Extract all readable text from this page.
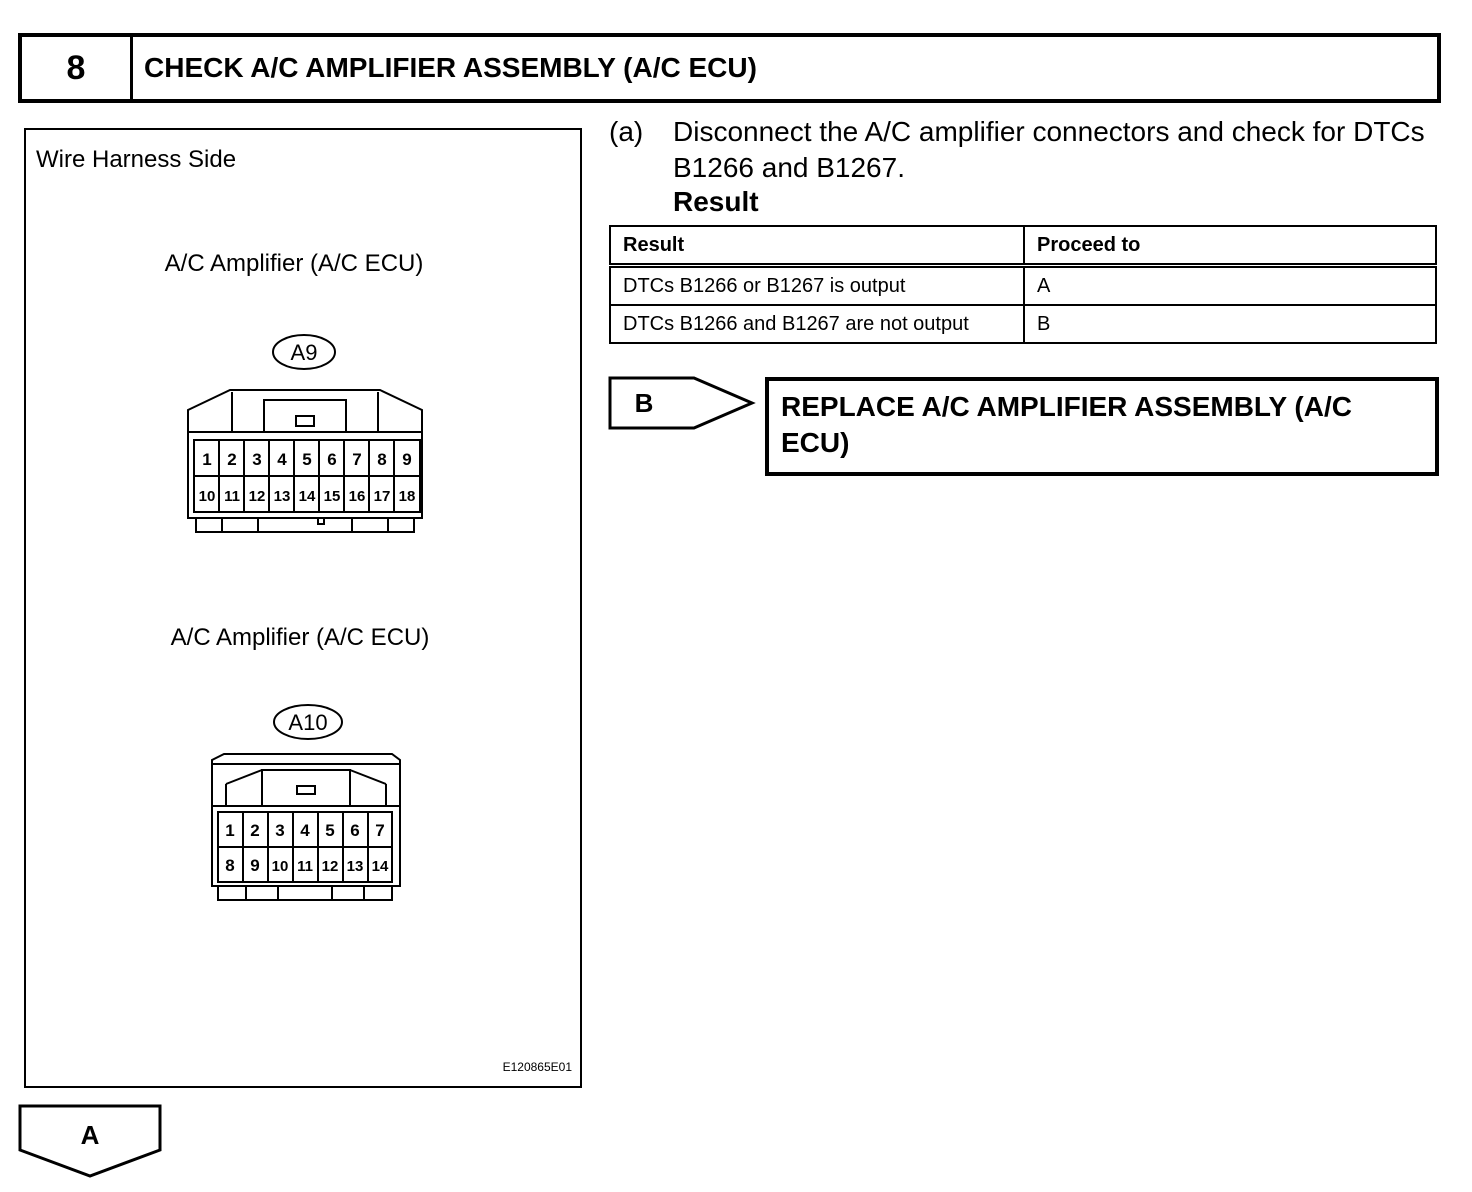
8	CHECK A/C AMPLIFIER ASSEMBLY (A/C ECU)
Wire Harness Side
A/C Amplifier (A/C ECU)
A/C Amplifier (A/C ECU)
A9
1 2 3 4 5 6 7 8 9
10 11 12 13 14 15 16 17 18
A10
1 2 3 4 5 6 7
8 9 10 11 12 13 14
E120865E01
(a) Disconnect the A/C amplifier connectors and check for DTCs B1266 and B1267.
Result
Result	Proceed to
DTCs B1266 or B1267 is output	A
DTCs B1266 and B1267 are not output	B
B	REPLACE A/C AMPLIFIER ASSEMBLY (A/C ECU)
A
